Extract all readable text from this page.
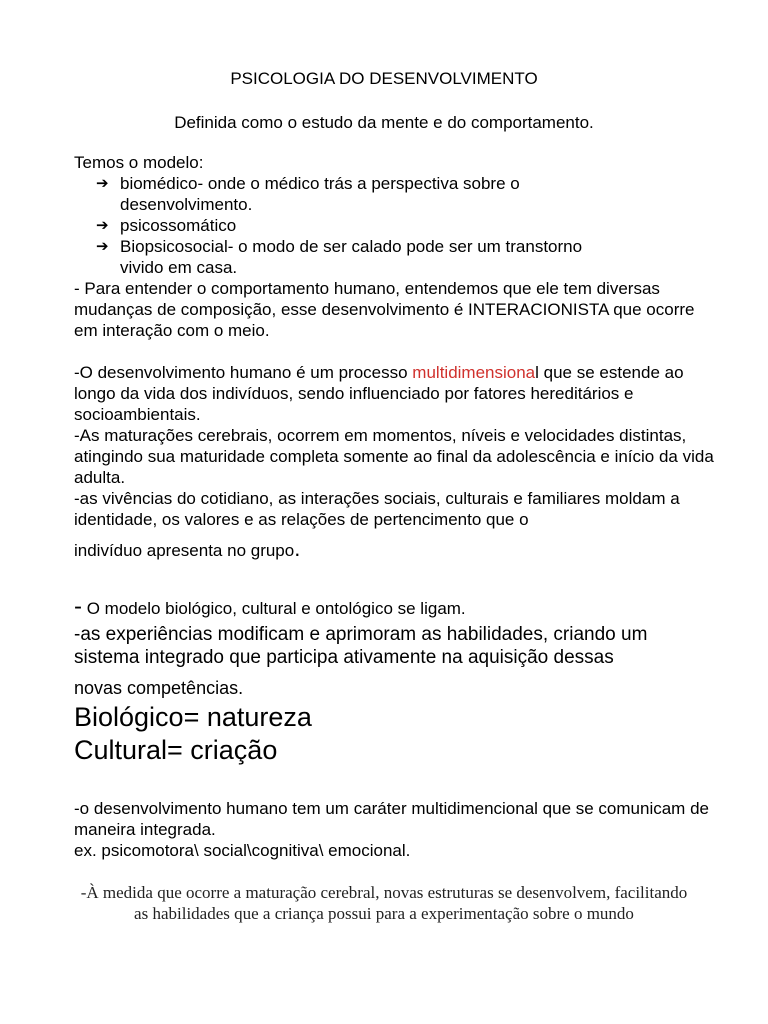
PSICOLOGIA DO DESENVOLVIMENTO
Definida como o estudo da mente e do comportamento.
Temos o modelo:
➔ biomédico- onde o médico trás a perspectiva sobre o
desenvolvimento.
➔ psicossomático
➔ Biopsicosocial- o modo de ser calado pode ser um transtorno
vivido em casa.
- Para entender o comportamento humano, entendemos que ele tem diversas mudanças de composição, esse desenvolvimento é INTERACIONISTA que ocorre em interação com o meio.
-O desenvolvimento humano é um processo multidimensional que se estende ao longo da vida dos indivíduos, sendo influenciado por fatores hereditários e socioambientais.
-As maturações cerebrais, ocorrem em momentos, níveis e velocidades distintas, atingindo sua maturidade completa somente ao final da adolescência e início da vida adulta.
-as vivências do cotidiano, as interações sociais, culturais e familiares moldam a identidade, os valores e as relações de pertencimento que o
indivíduo apresenta no grupo.
- O modelo biológico, cultural e ontológico se ligam.
-as experiências modificam e aprimoram as habilidades, criando um sistema integrado que participa ativamente na aquisição dessas
novas competências.
Biológico= natureza
Cultural= criação
-o desenvolvimento humano tem um caráter multidimencional que se comunicam de maneira integrada.
ex. psicomotora\ social\cognitiva\ emocional.
-À medida que ocorre a maturação cerebral, novas estruturas se desenvolvem, facilitando as habilidades que a criança possui para a experimentação sobre o mundo
